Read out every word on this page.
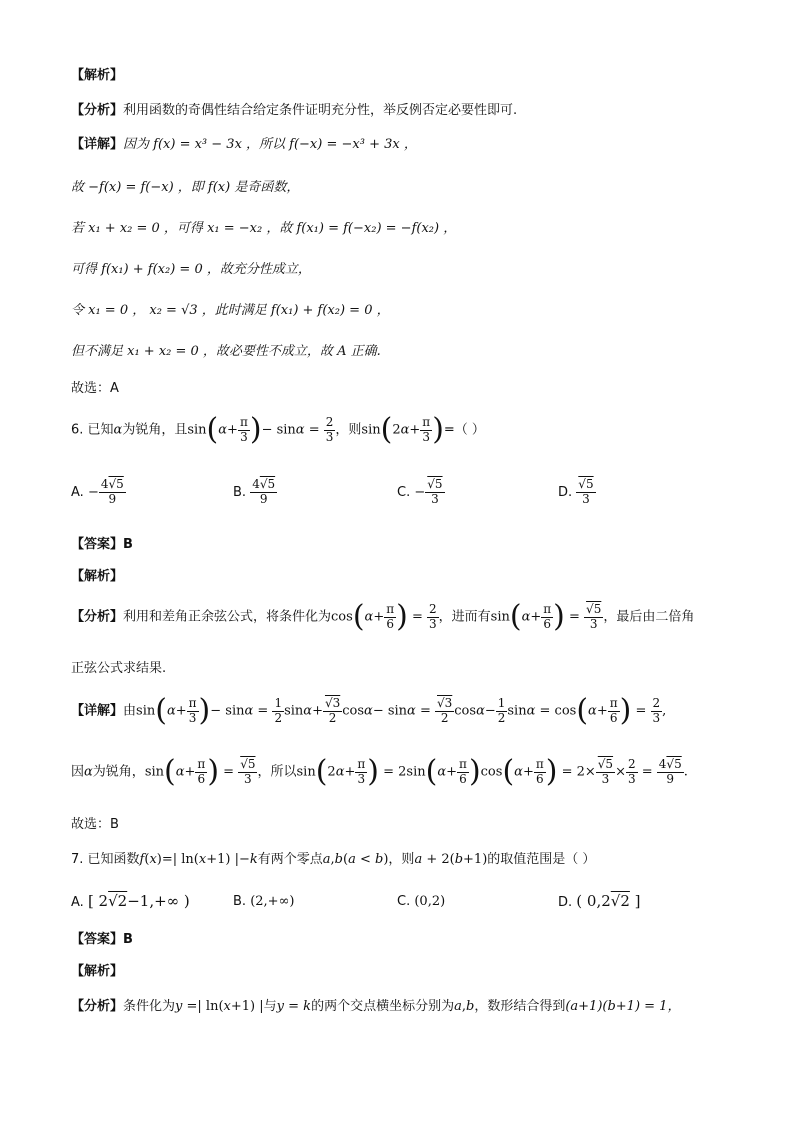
【解析】
【分析】利用函数的奇偶性结合给定条件证明充分性，举反例否定必要性即可.
【详解】因为 f(x) = x³ − 3x ，所以 f(−x) = −x³ + 3x ，
故 −f(x) = f(−x) ，即 f(x) 是奇函数，
若 x₁ + x₂ = 0 ，可得 x₁ = −x₂ ，故 f(x₁) = f(−x₂) = −f(x₂) ，
可得 f(x₁) + f(x₂) = 0 ，故充分性成立，
令 x₁ = 0 ， x₂ = √3 ，此时满足 f(x₁) + f(x₂) = 0 ，
但不满足 x₁ + x₂ = 0 ，故必要性不成立，故 A 正确.
故选：A
6. 已知α为锐角，且$\sin(\alpha+ \frac{\pi}{3}$ )− $\sin\alpha = \frac{2}{3}$ ，则$\sin(2\alpha+ \frac{\pi}{3}$ )=（ ）
A. − $\frac{4√5}{9}$	B. $\frac{4√5}{9}$	C. − $\frac{√5}{3}$	D. $\frac{√5}{3}$
【答案】B
【解析】
【分析】利用和差角正余弦公式，将条件化为$\cos(\alpha+ \frac{\pi}{6}$ ) = $\frac{2}{3}$ ，进而有$\sin(\alpha+ \frac{\pi}{6}$ ) = $\frac{√5}{3}$ ，最后由二倍角
正弦公式求结果.
【详解】由$\sin(\alpha+ \frac{\pi}{3}$ )− $\sin\alpha = \frac{1}{2} \sin\alpha+ \frac{√3}{2} \cos\alpha- \sin\alpha = \frac{√3}{2} \cos\alpha- \frac{1}{2}$ $\sin\alpha = \cos(\alpha+ \frac{\pi}{6}$ ) = $\frac{2}{3}$ ,
因α为锐角，$\sin(\alpha+ \frac{\pi}{6}$ ) = $\frac{√5}{3}$ ，所以$\sin(2\alpha+ \frac{\pi}{3}$ ) = $2\sin(\alpha+ \frac{\pi}{6} )\cos(\alpha+ \frac{\pi}{6}$ ) = $2\times \frac{√5}{3} \times \frac{2}{3} = \frac{4√5}{9}$ .
故选：B
7. 已知函数f(x)=| ln(x+1) |−k有两个零点a,b(a < b)，则a + 2(b+1)的取值范围是（ ）
A. [ 2√2−1,+∞ )	B. (2,+∞)	C. (0,2)	D. ( 0,2√2 ]
【答案】B
【解析】
【分析】条件化为y =| ln(x+1) |与y = k的两个交点横坐标分别为a,b，数形结合得到(a+1)(b+1) = 1，
